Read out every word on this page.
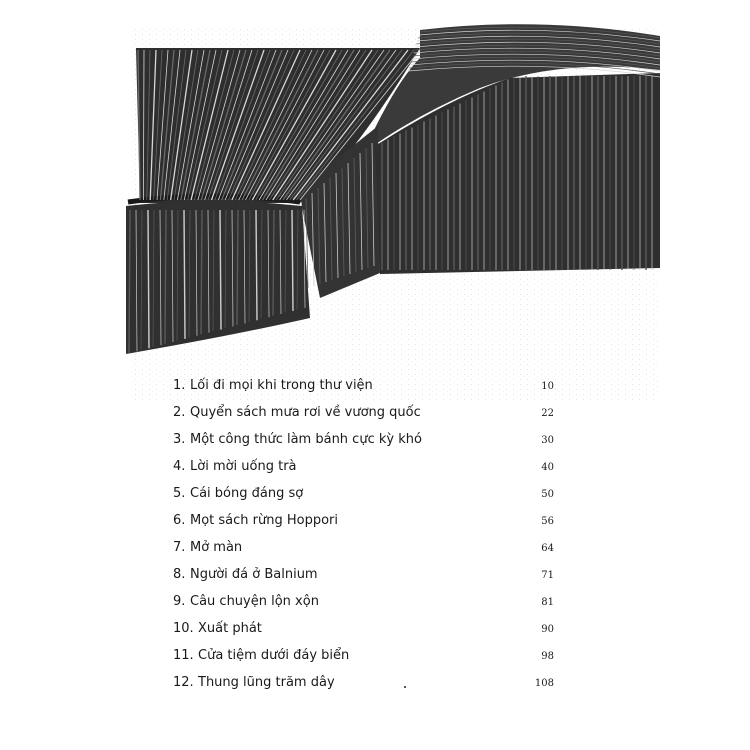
1. Lối đi mọi khi trong thư viện	10
2. Quyển sách mưa rơi về vương quốc	22
3. Một công thức làm bánh cực kỳ khó	30
4. Lời mời uống trà	40
5. Cái bóng đáng sợ	50
6. Mọt sách rừng Hoppori	56
7. Mở màn	64
8. Người đá ở Balnium	71
9. Câu chuyện lộn xộn	81
10. Xuất phát	90
11. Cửa tiệm dưới đáy biển	98
12. Thung lũng trăm dây	108
